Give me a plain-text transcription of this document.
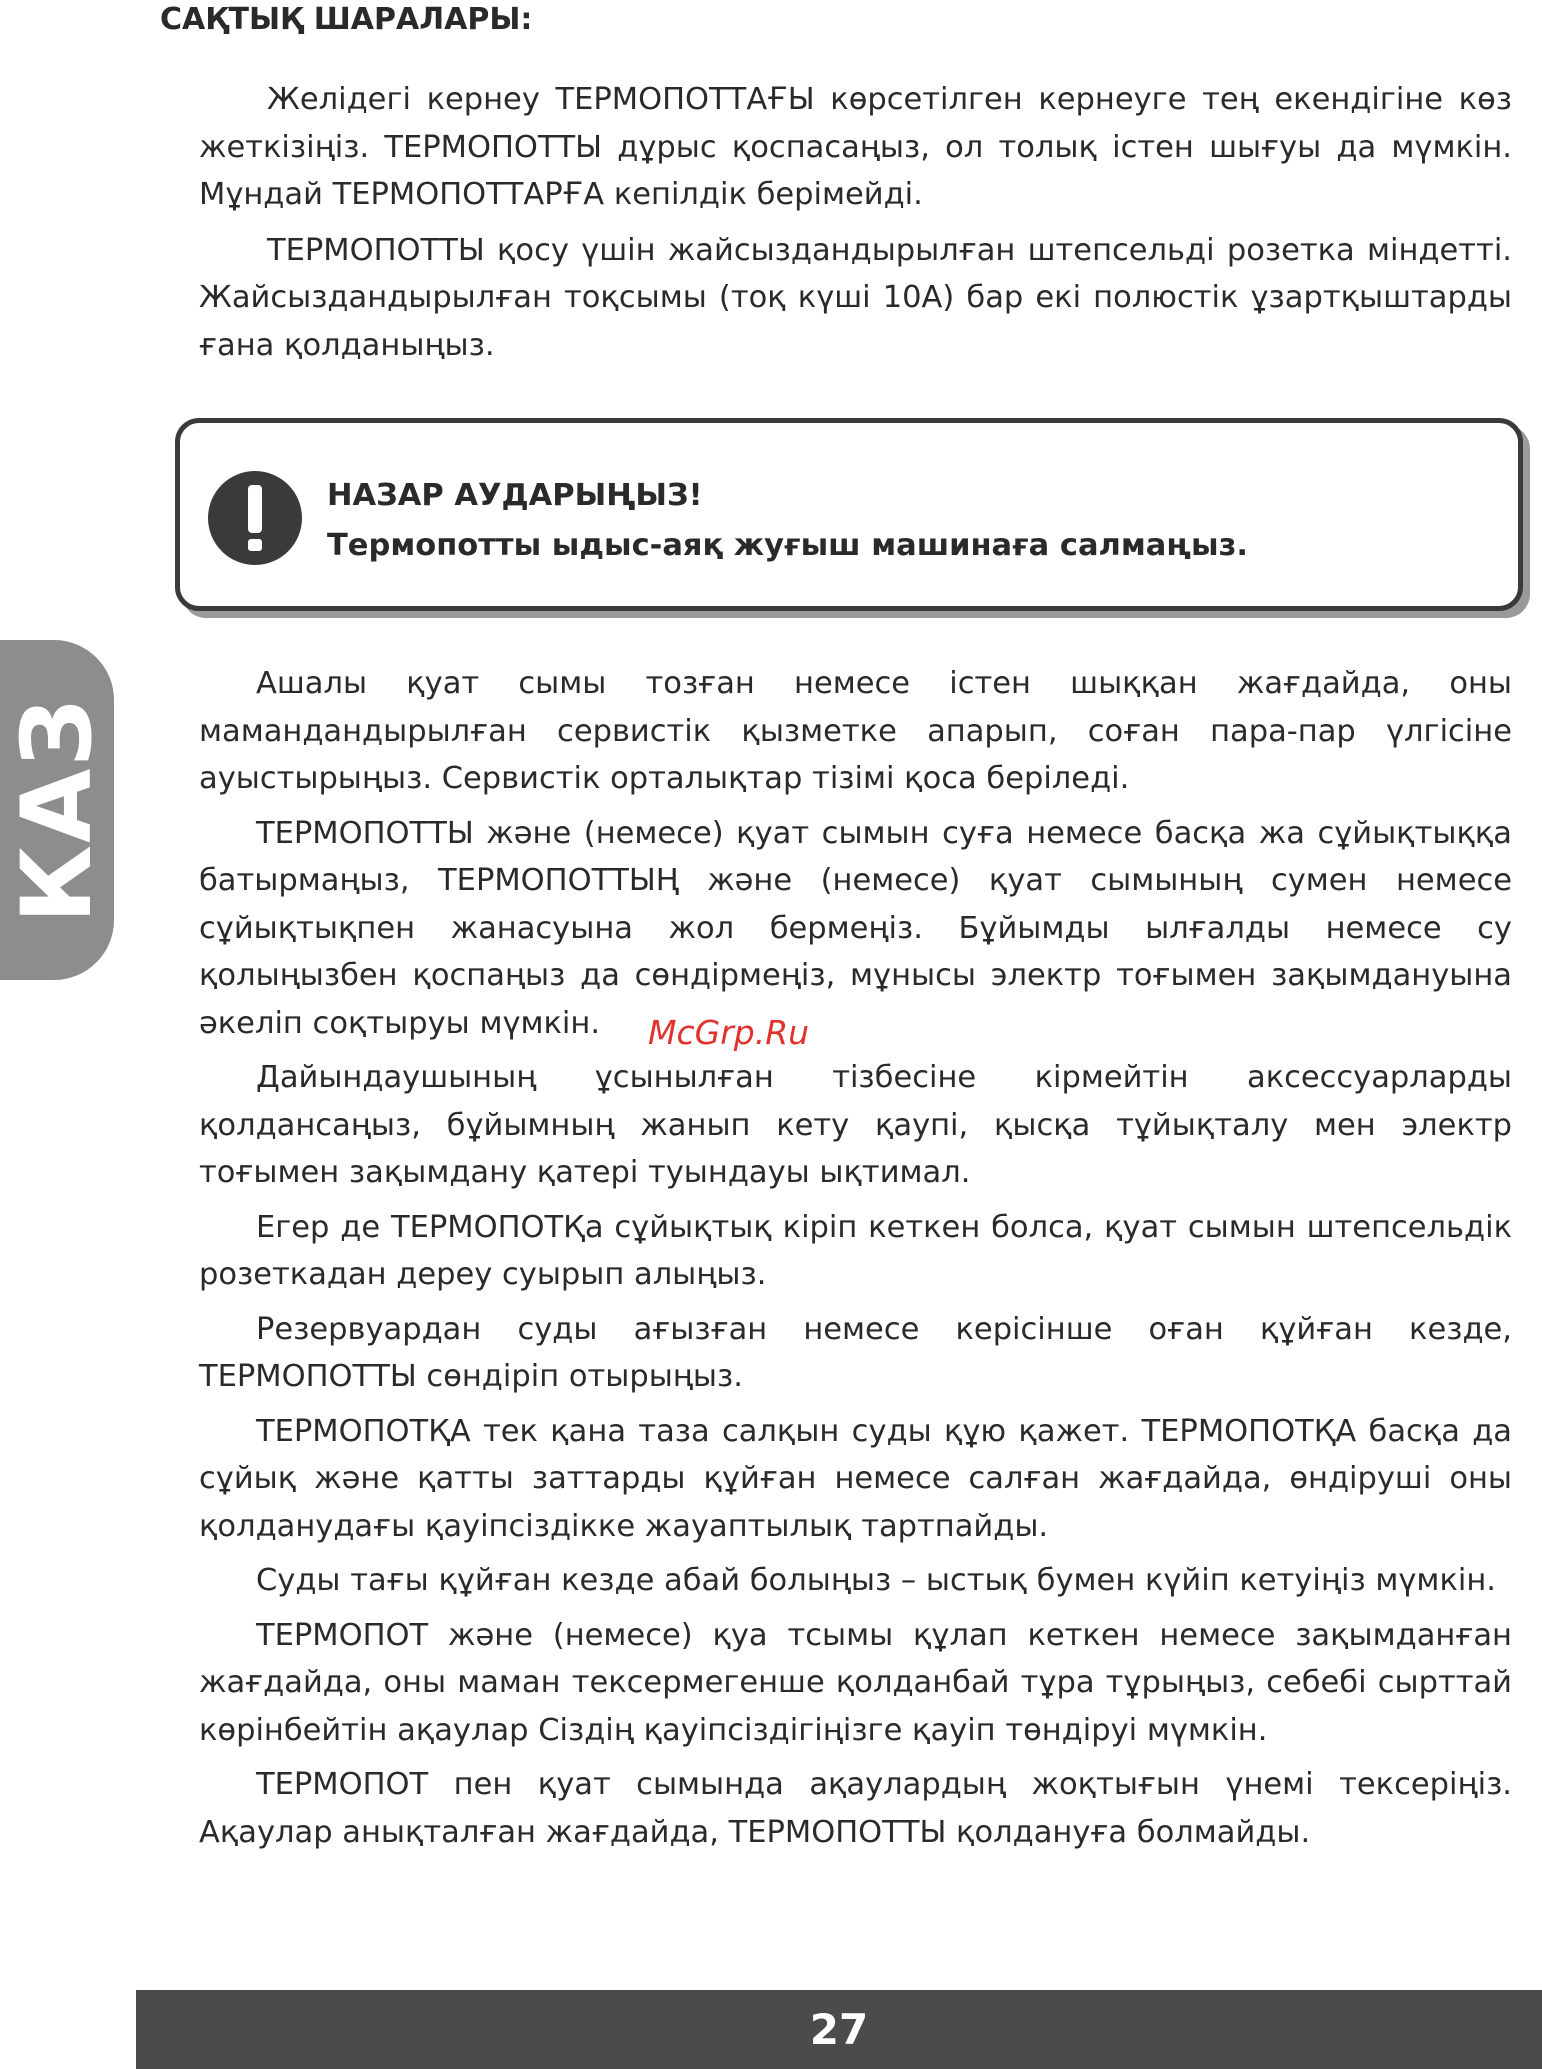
САҚТЫҚ ШАРАЛАРЫ:

Желідегі кернеу ТЕРМОПОТТАҒЫ көрсетілген кернеуге тең екендігіне көз жеткізіңіз. ТЕРМОПОТТЫ дұрыс қоспасаңыз, ол толық істен шығуы да мүмкін. Мұндай ТЕРМОПОТТАРҒА кепілдік берімейді.

ТЕРМОПОТТЫ қосу үшін жайсыздандырылған штепсельді розетка міндетті. Жайсыздандырылған тоқсымы (тоқ күші 10А) бар екі полюстік ұзартқыштарды ғана қолданыңыз.

НАЗАР АУДАРЫҢЫЗ!

Термопотты ыдыс-аяқ жуғыш машинаға салмаңыз.

КАЗ

Ашалы қуат сымы тозған немесе істен шыққан жағдайда, оны мамандандырылған сервистік қызметке апарып, соған пара-пар үлгісіне ауыстырыңыз. Сервистік орталықтар тізімі қоса беріледі.

ТЕРМОПОТТЫ және (немесе) қуат сымын суға немесе басқа жа сұйықтыққа батырмаңыз, ТЕРМОПОТТЫҢ және (немесе) қуат сымының сумен немесе сұйықтықпен жанасуына жол бермеңіз. Бұйымды ылғалды немесе су қолыңызбен қоспаңыз да сөндірмеңіз, мұнысы электр тоғымен зақымдануына әкеліп соқтыруы мүмкін.

Дайындаушының ұсынылған тізбесіне кірмейтін аксессуарларды қолдансаңыз, бұйымның жанып кету қаупі, қысқа тұйықталу мен электр тоғымен зақымдану қатері туындауы ықтимал.

Егер де ТЕРМОПОТҚа сұйықтық кіріп кеткен болса, қуат сымын штепсельдік розеткадан дереу суырып алыңыз.

Резервуардан суды ағызған немесе керісінше оған құйған кезде, ТЕРМОПОТТЫ сөндіріп отырыңыз.

ТЕРМОПОТҚА тек қана таза салқын суды құю қажет. ТЕРМОПОТҚА басқа да сұйық және қатты заттарды құйған немесе салған жағдайда, өндіруші оны қолданудағы қауіпсіздікке жауаптылық тартпайды.

Суды тағы құйған кезде абай болыңыз – ыстық бумен күйіп кетуіңіз мүмкін.

ТЕРМОПОТ және (немесе) қуа тсымы құлап кеткен немесе зақымданған жағдайда, оны маман тексермегенше қолданбай тұра тұрыңыз, себебі сырттай көрінбейтін ақаулар Сіздің қауіпсіздігіңізге қауіп төндіруі мүмкін.

ТЕРМОПОТ пен қуат сымында ақаулардың жоқтығын үнемі тексеріңіз. Ақаулар анықталған жағдайда, ТЕРМОПОТТЫ қолдануға болмайды.

McGrp.Ru
27
